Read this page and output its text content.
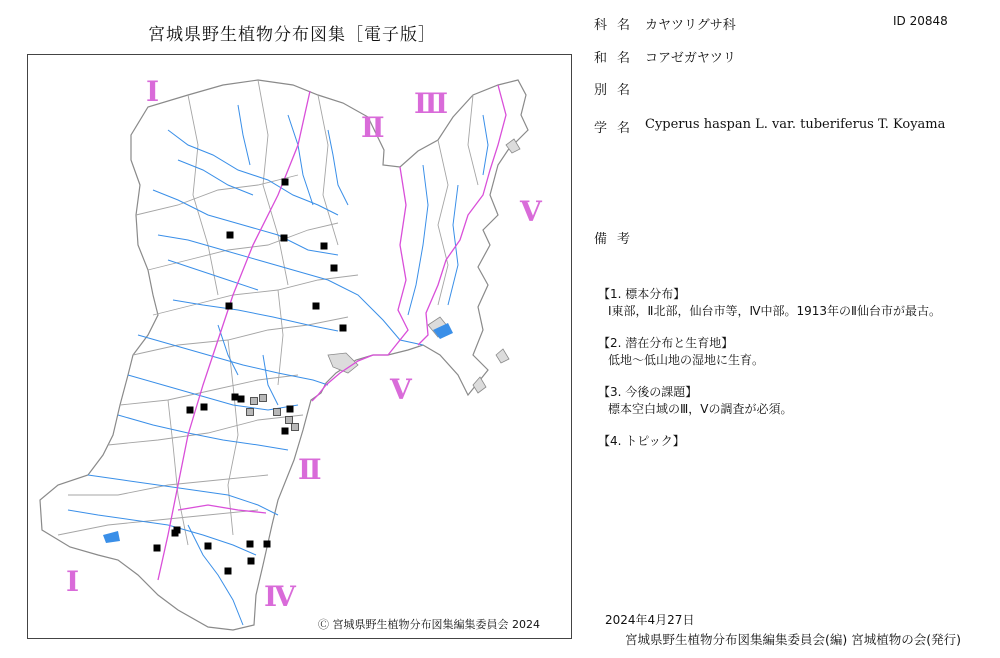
宮城県野生植物分布図集［電子版］
Ⅰ
Ⅱ
Ⅲ
Ⅴ
Ⅴ
Ⅱ
Ⅰ	Ⅳ
Ⓒ 宮城県野生植物分布図集編集委員会 2024
科名 カヤツリグサ科	ID 20848
和名 コアゼガヤツリ
別名
学名 Cyperus haspan L. var. tuberiferus T. Koyama
備考
【1. 標本分布】
Ⅰ東部，Ⅱ北部，仙台市等，Ⅳ中部。1913年のⅡ仙台市が最古。
【2. 潜在分布と生育地】
低地～低山地の湿地に生育。
【3. 今後の課題】
標本空白域のⅢ，Ⅴの調査が必須。
【4. トピック】
2024年4月27日
宮城県野生植物分布図集編集委員会(編) 宮城植物の会(発行)
